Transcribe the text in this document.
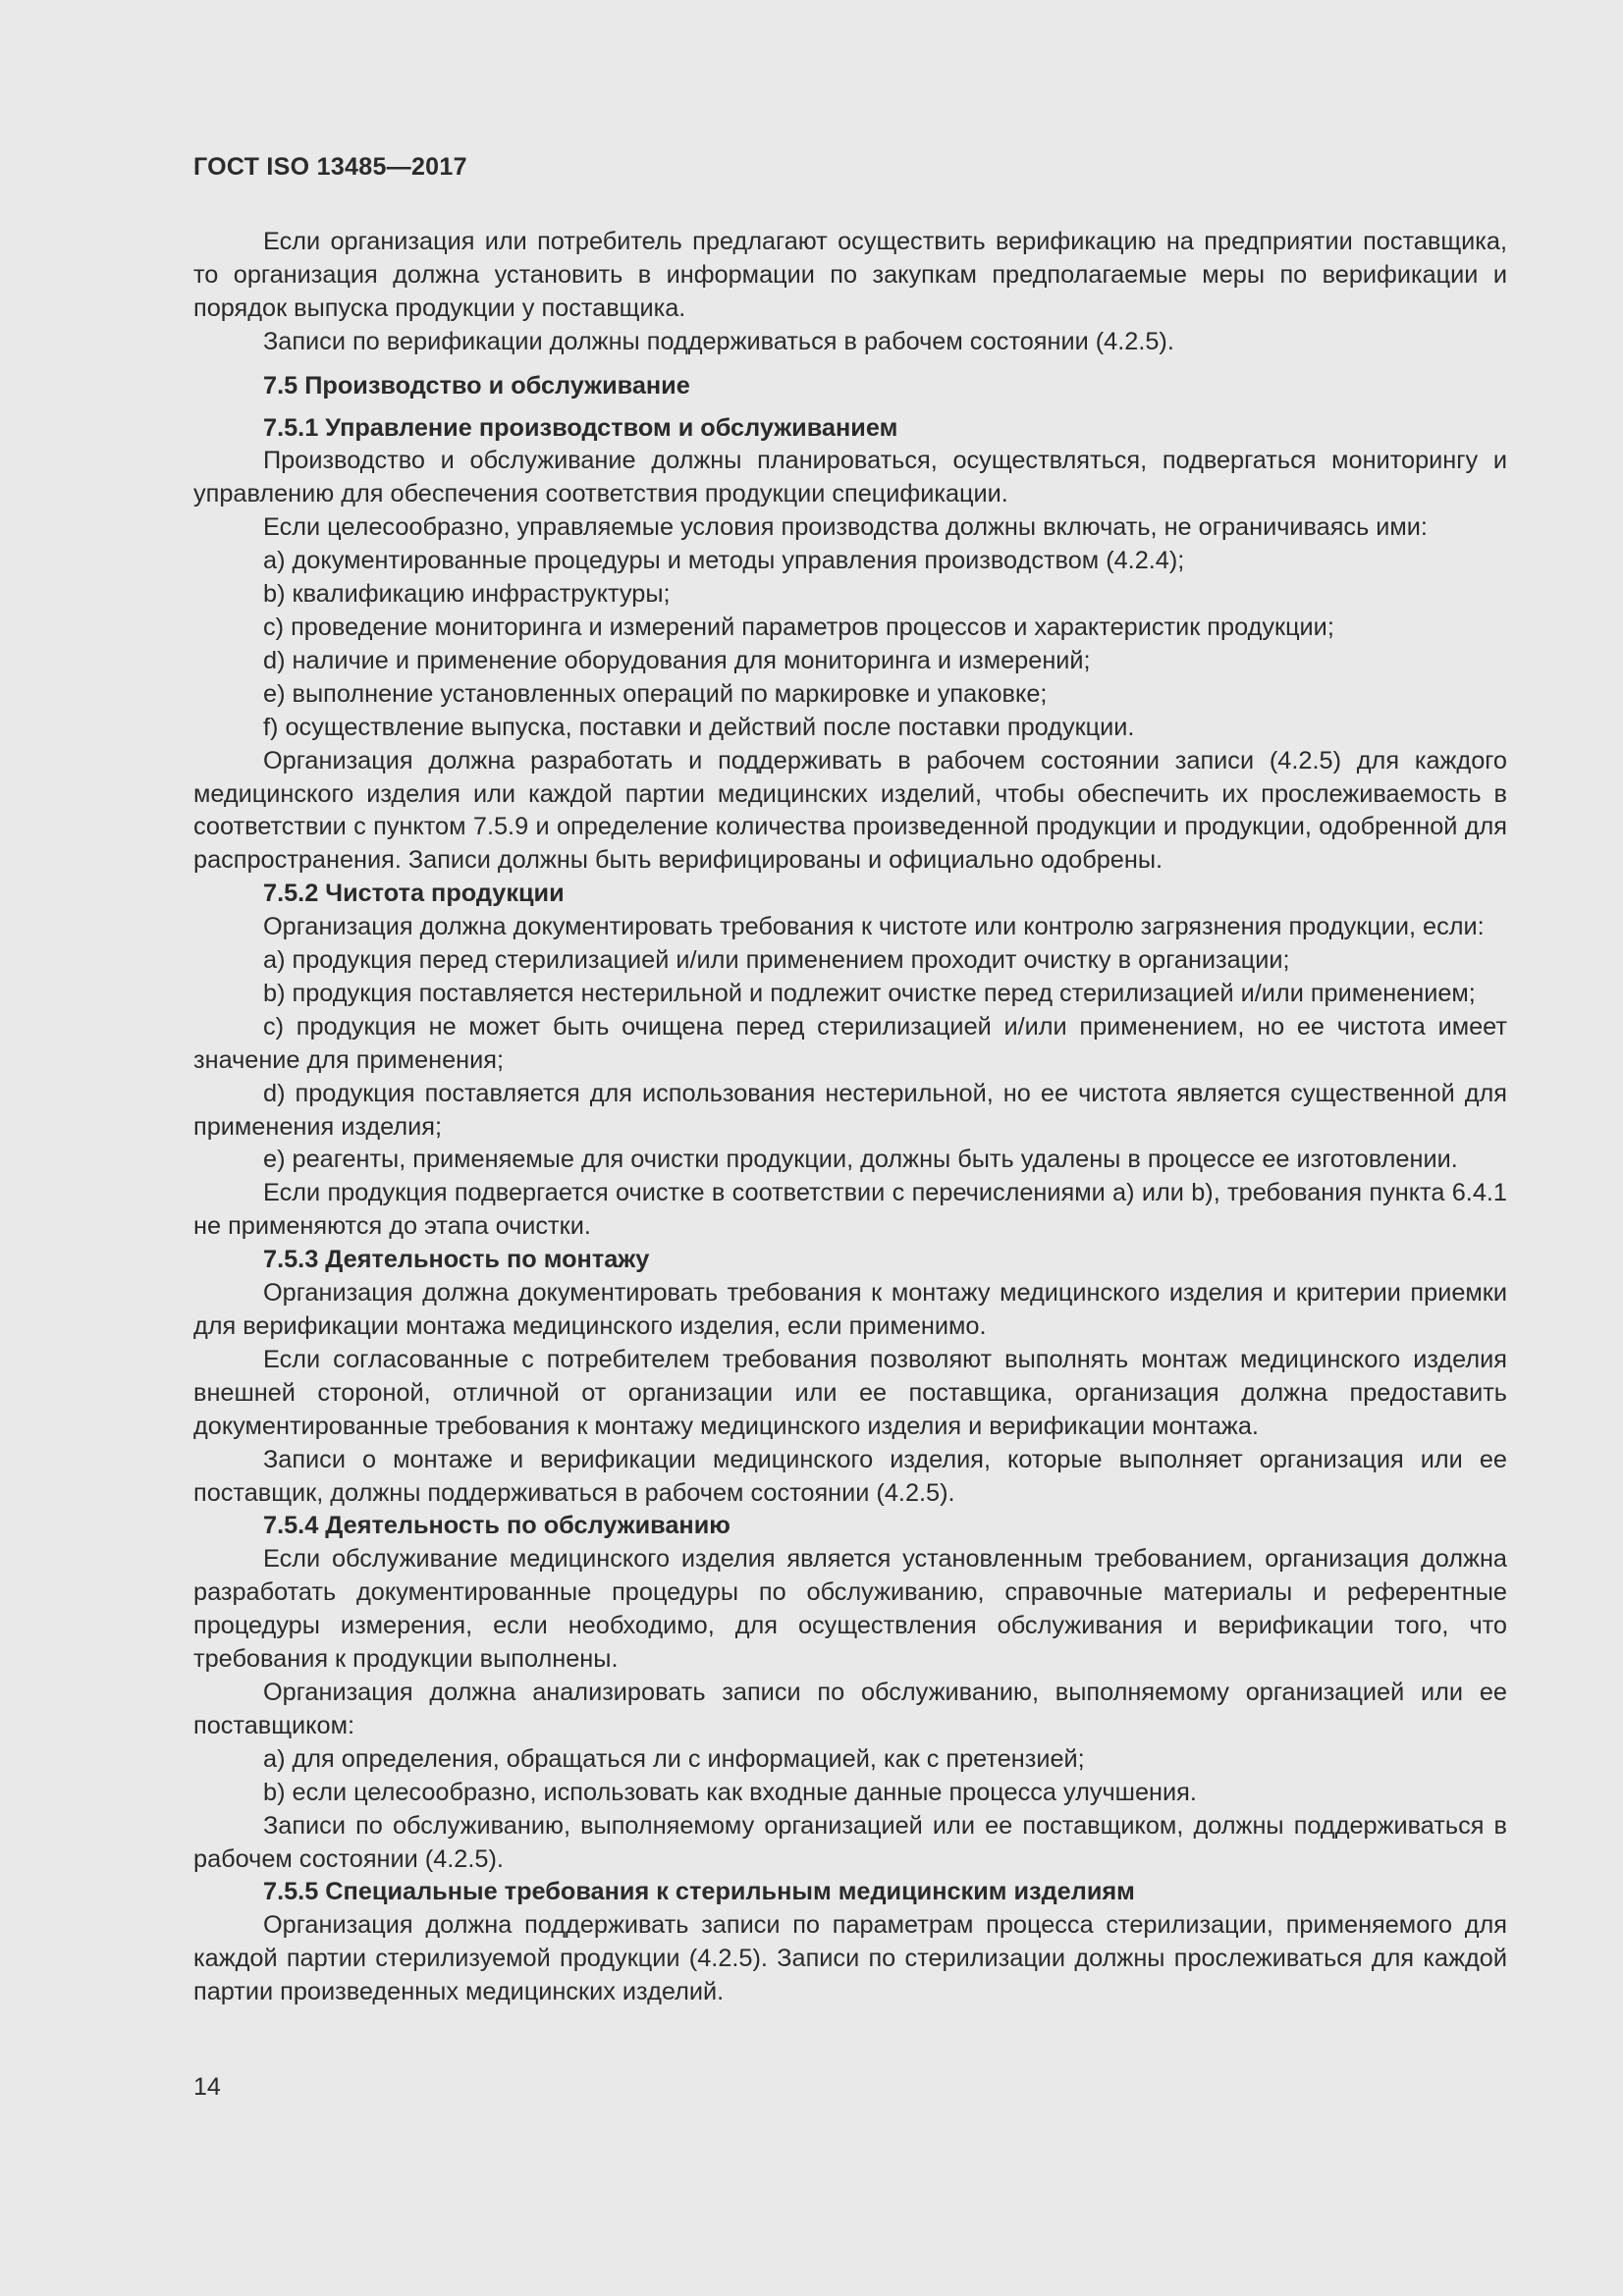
ГОСТ ISO 13485—2017

Если организация или потребитель предлагают осуществить верификацию на предприятии поставщика, то организация должна установить в информации по закупкам предполагаемые меры по верификации и порядок выпуска продукции у поставщика.

Записи по верификации должны поддерживаться в рабочем состоянии (4.2.5).

7.5 Производство и обслуживание

7.5.1 Управление производством и обслуживанием

Производство и обслуживание должны планироваться, осуществляться, подвергаться мониторингу и управлению для обеспечения соответствия продукции спецификации.

Если целесообразно, управляемые условия производства должны включать, не ограничиваясь ими:

a) документированные процедуры и методы управления производством (4.2.4);

b) квалификацию инфраструктуры;

c) проведение мониторинга и измерений параметров процессов и характеристик продукции;

d) наличие и применение оборудования для мониторинга и измерений;

e) выполнение установленных операций по маркировке и упаковке;

f) осуществление выпуска, поставки и действий после поставки продукции.

Организация должна разработать и поддерживать в рабочем состоянии записи (4.2.5) для каждого медицинского изделия или каждой партии медицинских изделий, чтобы обеспечить их прослеживаемость в соответствии с пунктом 7.5.9 и определение количества произведенной продукции и продукции, одобренной для распространения. Записи должны быть верифицированы и официально одобрены.

7.5.2 Чистота продукции

Организация должна документировать требования к чистоте или контролю загрязнения продукции, если:

a) продукция перед стерилизацией и/или применением проходит очистку в организации;

b) продукция поставляется нестерильной и подлежит очистке перед стерилизацией и/или применением;

c) продукция не может быть очищена перед стерилизацией и/или применением, но ее чистота имеет значение для применения;

d) продукция поставляется для использования нестерильной, но ее чистота является существенной для применения изделия;

e) реагенты, применяемые для очистки продукции, должны быть удалены в процессе ее изготовлении.

Если продукция подвергается очистке в соответствии с перечислениями а) или b), требования пункта 6.4.1 не применяются до этапа очистки.

7.5.3 Деятельность по монтажу

Организация должна документировать требования к монтажу медицинского изделия и критерии приемки для верификации монтажа медицинского изделия, если применимо.

Если согласованные с потребителем требования позволяют выполнять монтаж медицинского изделия внешней стороной, отличной от организации или ее поставщика, организация должна предоставить документированные требования к монтажу медицинского изделия и верификации монтажа.

Записи о монтаже и верификации медицинского изделия, которые выполняет организация или ее поставщик, должны поддерживаться в рабочем состоянии (4.2.5).

7.5.4 Деятельность по обслуживанию

Если обслуживание медицинского изделия является установленным требованием, организация должна разработать документированные процедуры по обслуживанию, справочные материалы и референтные процедуры измерения, если необходимо, для осуществления обслуживания и верификации того, что требования к продукции выполнены.

Организация должна анализировать записи по обслуживанию, выполняемому организацией или ее поставщиком:

a) для определения, обращаться ли с информацией, как с претензией;

b) если целесообразно, использовать как входные данные процесса улучшения.

Записи по обслуживанию, выполняемому организацией или ее поставщиком, должны поддерживаться в рабочем состоянии (4.2.5).

7.5.5 Специальные требования к стерильным медицинским изделиям

Организация должна поддерживать записи по параметрам процесса стерилизации, применяемого для каждой партии стерилизуемой продукции (4.2.5). Записи по стерилизации должны прослеживаться для каждой партии произведенных медицинских изделий.

14
